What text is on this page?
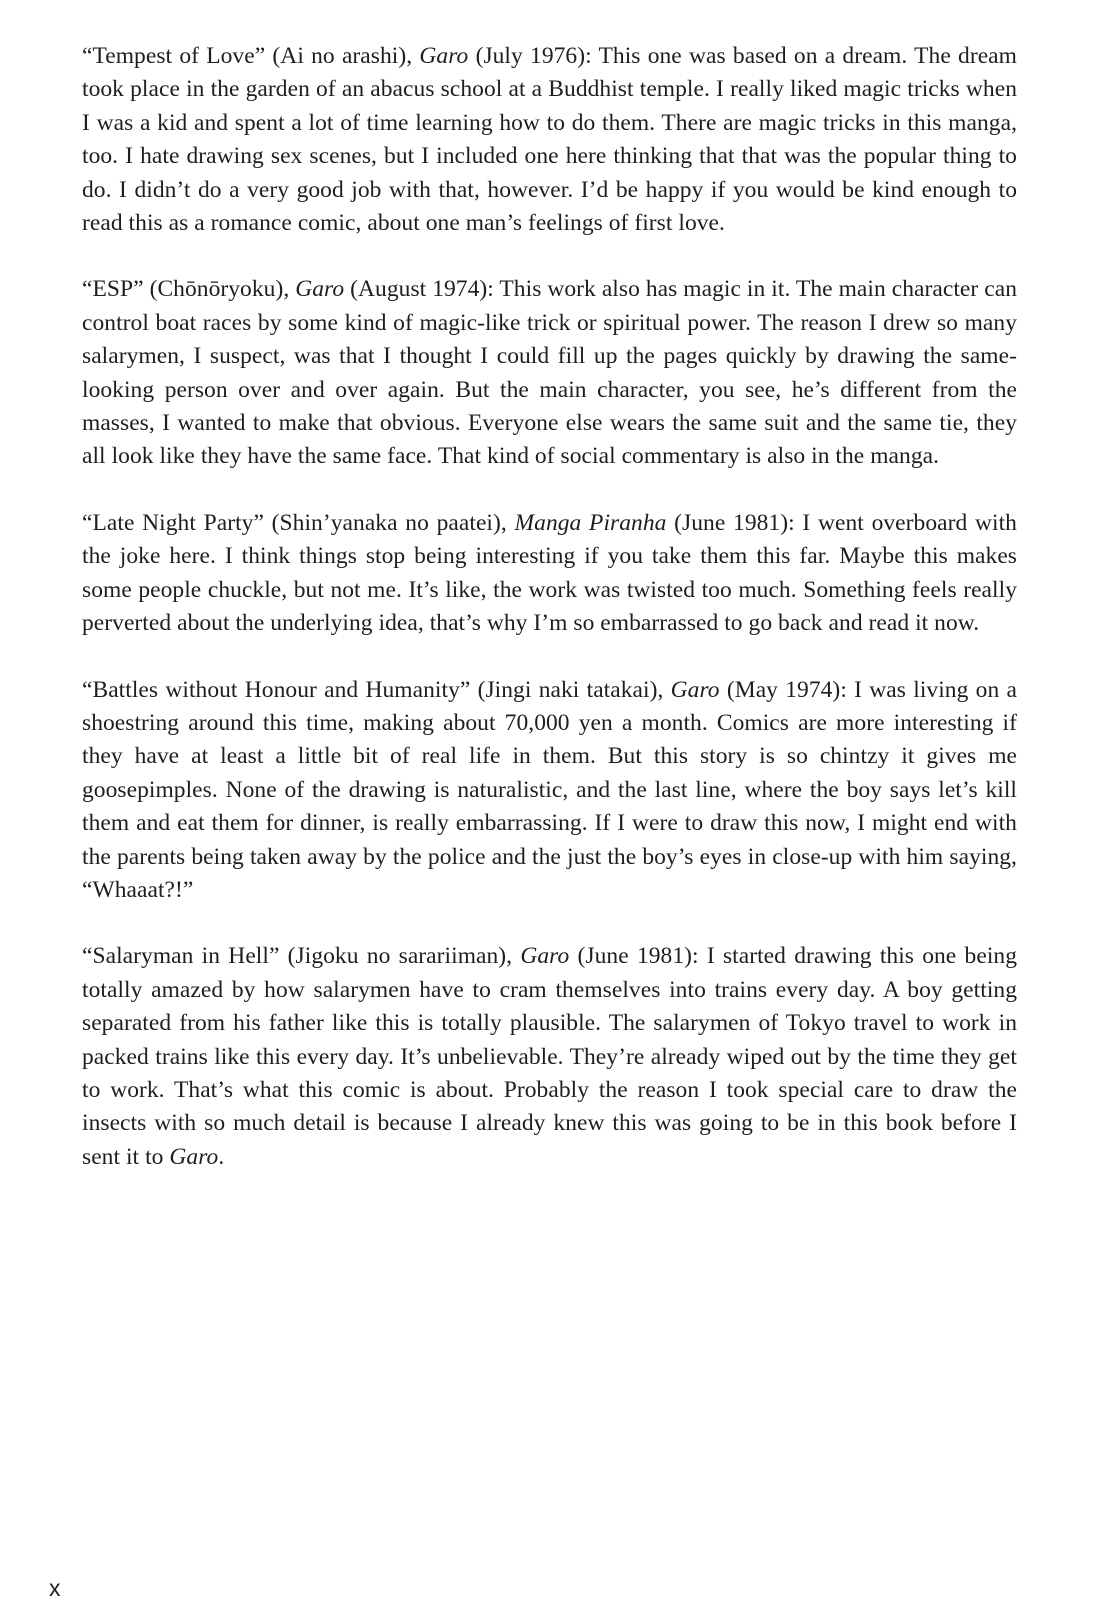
“Tempest of Love” (Ai no arashi), Garo (July 1976): This one was based on a dream. The dream took place in the garden of an abacus school at a Buddhist temple. I really liked magic tricks when I was a kid and spent a lot of time learning how to do them. There are magic tricks in this manga, too. I hate drawing sex scenes, but I included one here thinking that that was the popular thing to do. I didn’t do a very good job with that, however. I’d be happy if you would be kind enough to read this as a romance comic, about one man’s feelings of first love.

“ESP” (Chōnōryoku), Garo (August 1974): This work also has magic in it. The main character can control boat races by some kind of magic-like trick or spiritual power. The reason I drew so many salarymen, I suspect, was that I thought I could fill up the pages quickly by drawing the same-looking person over and over again. But the main character, you see, he’s different from the masses, I wanted to make that obvious. Everyone else wears the same suit and the same tie, they all look like they have the same face. That kind of social commentary is also in the manga.

“Late Night Party” (Shin’yanaka no paatei), Manga Piranha (June 1981): I went overboard with the joke here. I think things stop being interesting if you take them this far. Maybe this makes some people chuckle, but not me. It’s like, the work was twisted too much. Something feels really perverted about the underlying idea, that’s why I’m so embarrassed to go back and read it now.

“Battles without Honour and Humanity” (Jingi naki tatakai), Garo (May 1974): I was living on a shoestring around this time, making about 70,000 yen a month. Comics are more interesting if they have at least a little bit of real life in them. But this story is so chintzy it gives me goosepimples. None of the drawing is naturalistic, and the last line, where the boy says let’s kill them and eat them for dinner, is really embarrassing. If I were to draw this now, I might end with the parents being taken away by the police and the just the boy’s eyes in close-up with him saying, “Whaaat?!”

“Salaryman in Hell” (Jigoku no sarariiman), Garo (June 1981): I started drawing this one being totally amazed by how salarymen have to cram themselves into trains every day. A boy getting separated from his father like this is totally plausible. The salarymen of Tokyo travel to work in packed trains like this every day. It’s unbelievable. They’re already wiped out by the time they get to work. That’s what this comic is about. Probably the reason I took special care to draw the insects with so much detail is because I already knew this was going to be in this book before I sent it to Garo.

x
